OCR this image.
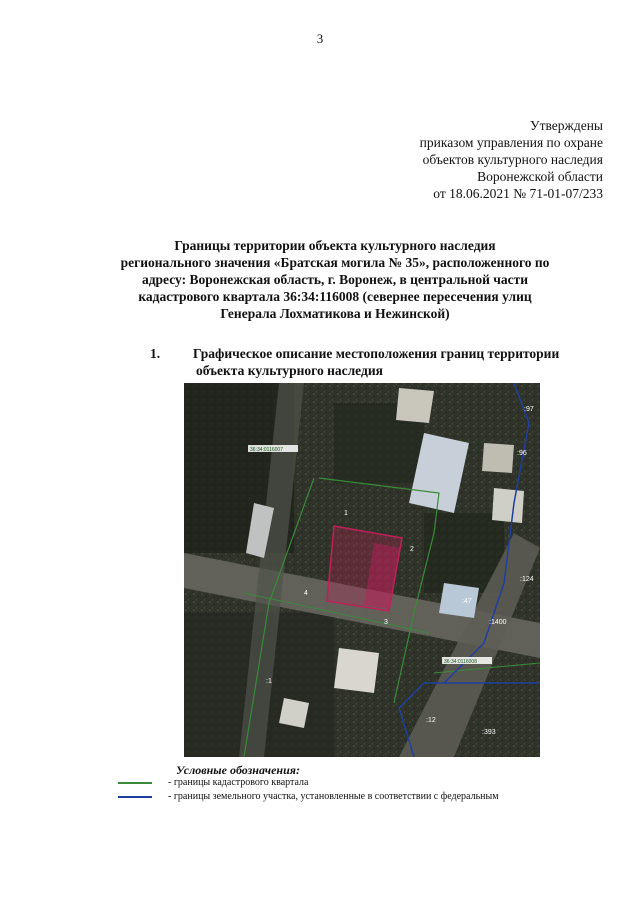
3
Утверждены
приказом управления по охране
объектов культурного наследия
Воронежской области
от 18.06.2021 № 71-01-07/233
Границы территории объекта культурного наследия
регионального значения «Братская могила № 35», расположенного по
адресу: Воронежская область, г. Воронеж, в центральной части
кадастрового квартала 36:34:116008 (севернее пересечения улиц
Генерала Лохматикова и Нежинской)
1. Графическое описание местоположения границ территории
объекта культурного наследия
36:34:0116007
36:34:0116008
:97
:96
:124
:47
:1400
:12
:393
:1
1
2
3
4
Условные обозначения:
- границы кадастрового квартала
- границы земельного участка, установленные в соответствии с федеральным
